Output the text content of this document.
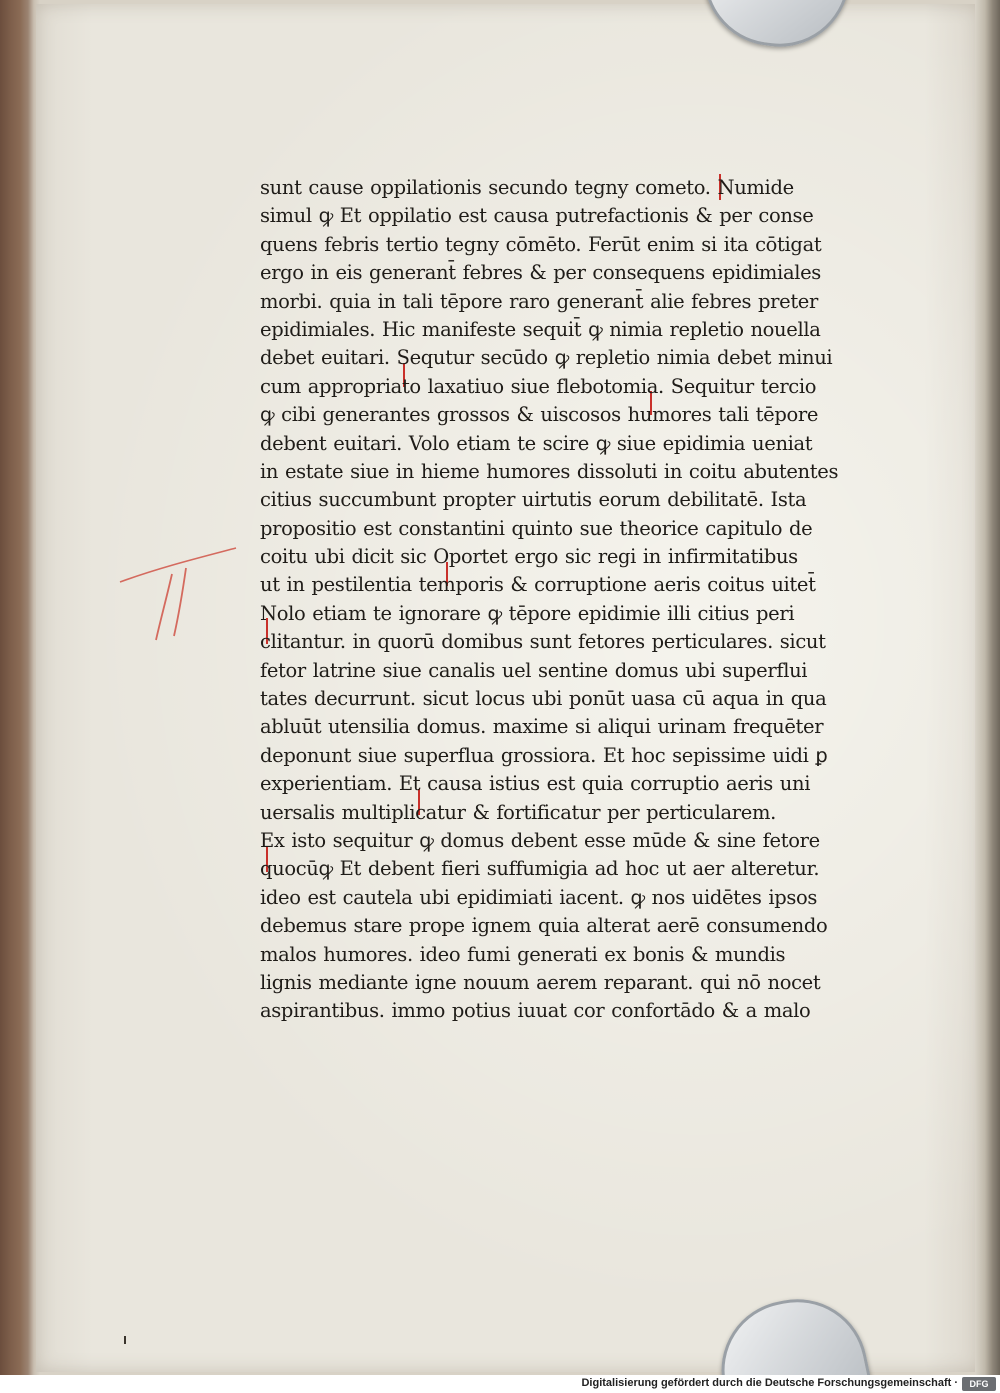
sunt cause oppilationis secundo tegny cometo. Numide
simul ꝙ Et oppilatio est causa putrefactionis & per conse
quens febris tertio tegny cōmēto. Ferūt enim si ita cōtigat
ergo in eis generant̄ febres & per consequens epidimiales
morbi. quia in tali tēpore raro generant̄ alie febres preter
epidimiales. Hic manifeste sequit̄ ꝙ nimia repletio nouella
debet euitari. Sequtur secūdo ꝙ repletio nimia debet minui
cum appropriato laxatiuo siue flebotomia. Sequitur tercio
ꝙ cibi generantes grossos & uiscosos humores tali tēpore
debent euitari. Volo etiam te scire ꝙ siue epidimia ueniat
in estate siue in hieme humores dissoluti in coitu abutentes
citius succumbunt propter uirtutis eorum debilitatē. Ista
propositio est constantini quinto sue theorice capitulo de
coitu ubi dicit sic Oportet ergo sic regi in infirmitatibus
ut in pestilentia temporis & corruptione aeris coitus uitet̄
Nolo etiam te ignorare ꝙ tēpore epidimie illi citius peri
clitantur. in quorū domibus sunt fetores perticulares. sicut
fetor latrine siue canalis uel sentine domus ubi superflui
tates decurrunt. sicut locus ubi ponūt uasa cū aqua in qua
abluūt utensilia domus. maxime si aliqui urinam frequēter
deponunt siue superflua grossiora. Et hoc sepissime uidi ꝑ
experientiam. Et causa istius est quia corruptio aeris uni
uersalis multiplicatur & fortificatur per perticularem.
Ex isto sequitur ꝙ domus debent esse mūde & sine fetore
quocūꝙ Et debent fieri suffumigia ad hoc ut aer alteretur.
ideo est cautela ubi epidimiati iacent. ꝙ nos uidētes ipsos
debemus stare prope ignem quia alterat aerē consumendo
malos humores. ideo fumi generati ex bonis & mundis
lignis mediante igne nouum aerem reparant. qui nō nocet
aspirantibus. immo potius iuuat cor confortādo & a malo
Digitalisierung gefördert durch die Deutsche Forschungsgemeinschaft ·	DFG
